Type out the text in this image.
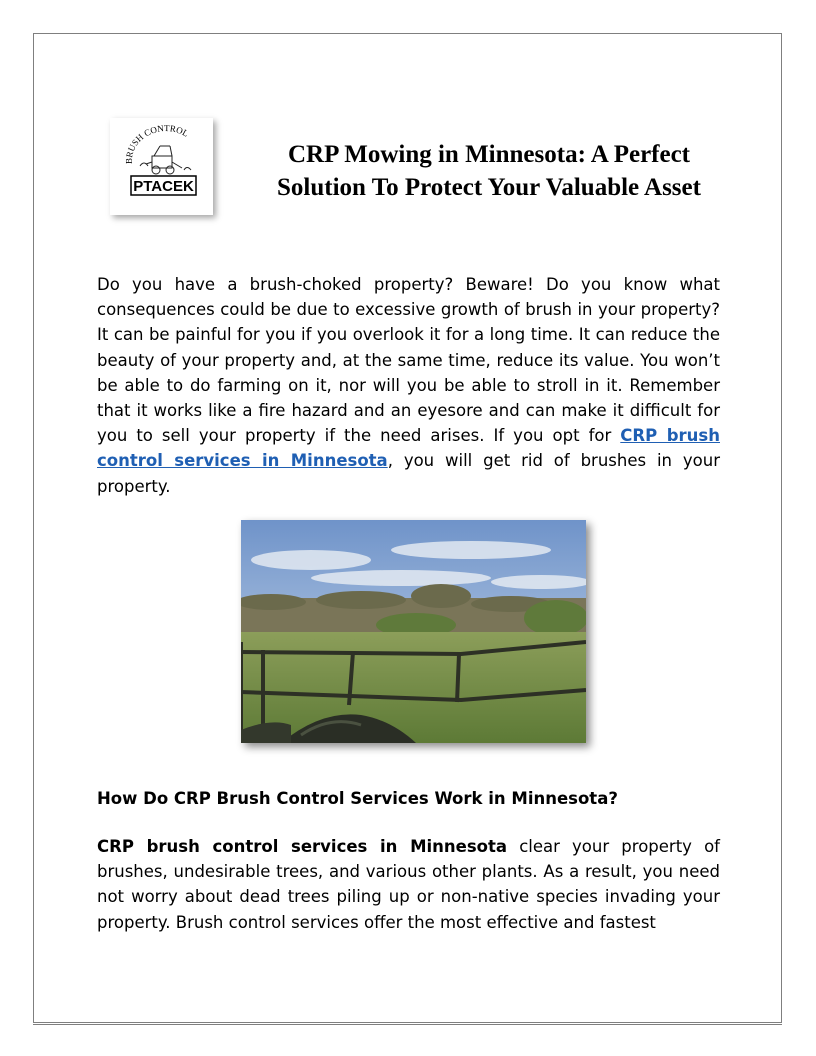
BRUSH CONTROL
PTACEK
CRP Mowing in Minnesota: A Perfect Solution To Protect Your Valuable Asset

Do you have a brush-choked property? Beware! Do you know what consequences could be due to excessive growth of brush in your property? It can be painful for you if you overlook it for a long time. It can reduce the beauty of your property and, at the same time, reduce its value. You won’t be able to do farming on it, nor will you be able to stroll in it. Remember that it works like a fire hazard and an eyesore and can make it difficult for you to sell your property if the need arises. If you opt for CRP brush control services in Minnesota, you will get rid of brushes in your property.

How Do CRP Brush Control Services Work in Minnesota?

CRP brush control services in Minnesota clear your property of brushes, undesirable trees, and various other plants. As a result, you need not worry about dead trees piling up or non-native species invading your property. Brush control services offer the most effective and fastest
